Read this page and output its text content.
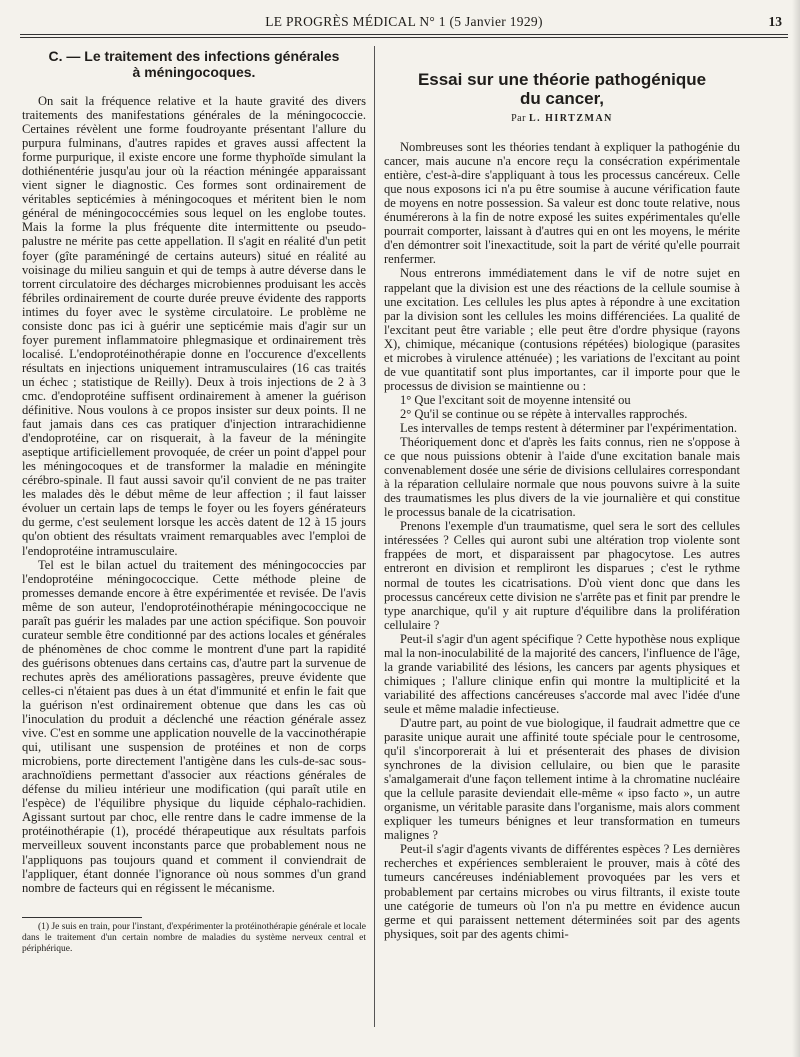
LE PROGRÈS MÉDICAL N° 1 (5 Janvier 1929)	13
C. — Le traitement des infections générales
à méningocoques.

On sait la fréquence relative et la haute gravité des divers traitements des manifestations générales de la méningococcie. Certaines révèlent une forme foudroyante présentant l'allure du purpura fulminans, d'autres rapides et graves aussi affectent la forme purpurique, il existe encore une forme thyphoïde simulant la dothiénentérie jusqu'au jour où la réaction méningée apparaissant vient signer le diagnostic. Ces formes sont ordinairement de véritables septicémies à méningocoques et méritent bien le nom général de méningococcémies sous lequel on les englobe toutes. Mais la forme la plus fréquente dite intermittente ou pseudo-palustre ne mérite pas cette appellation. Il s'agit en réalité d'un petit foyer (gîte paraméningé de certains auteurs) situé en réalité au voisinage du milieu sanguin et qui de temps à autre déverse dans le torrent circulatoire des décharges microbiennes produisant les accès fébriles ordinairement de courte durée preuve évidente des rapports intimes du foyer avec le système circulatoire. Le problème ne consiste donc pas ici à guérir une septicémie mais d'agir sur un foyer purement inflammatoire phlegmasique et ordinairement très localisé. L'endoprotéinothérapie donne en l'occurence d'excellents résultats en injections uniquement intramusculaires (16 cas traités un échec ; statistique de Reilly). Deux à trois injections de 2 à 3 cmc. d'endoprotéine suffisent ordinairement à amener la guérison définitive. Nous voulons à ce propos insister sur deux points. Il ne faut jamais dans ces cas pratiquer d'injection intrarachidienne d'endoprotéine, car on risquerait, à la faveur de la méningite aseptique artificiellement provoquée, de créer un point d'appel pour les méningocoques et de transformer la maladie en méningite cérébro-spinale. Il faut aussi savoir qu'il convient de ne pas traiter les malades dès le début même de leur affection ; il faut laisser évoluer un certain laps de temps le foyer ou les foyers générateurs du germe, c'est seulement lorsque les accès datent de 12 à 15 jours qu'on obtient des résultats vraiment remarquables avec l'emploi de l'endoprotéine intramusculaire.

Tel est le bilan actuel du traitement des méningococcies par l'endoprotéine méningococcique. Cette méthode pleine de promesses demande encore à être expérimentée et revisée. De l'avis même de son auteur, l'endoprotéinothérapie méningococcique ne paraît pas guérir les malades par une action spécifique. Son pouvoir curateur semble être conditionné par des actions locales et générales de phénomènes de choc comme le montrent d'une part la rapidité des guérisons obtenues dans certains cas, d'autre part la survenue de rechutes après des améliorations passagères, preuve évidente que celles-ci n'étaient pas dues à un état d'immunité et enfin le fait que la guérison n'est ordinairement obtenue que dans les cas où l'inoculation du produit a déclenché une réaction générale assez vive. C'est en somme une application nouvelle de la vaccinothérapie qui, utilisant une suspension de protéines et non de corps microbiens, porte directement l'antigène dans les culs-de-sac sous-arachnoïdiens permettant d'associer aux réactions générales de défense du milieu intérieur une modification (qui paraît utile en l'espèce) de l'équilibre physique du liquide céphalo-rachidien. Agissant surtout par choc, elle rentre dans le cadre immense de la protéinothérapie (1), procédé thérapeutique aux résultats parfois merveilleux souvent inconstants parce que probablement nous ne l'appliquons pas toujours quand et comment il conviendrait de l'appliquer, étant donnée l'ignorance où nous sommes d'un grand nombre de facteurs qui en régissent le mécanisme.

(1) Je suis en train, pour l'instant, d'expérimenter la protéinothérapie générale et locale dans le traitement d'un certain nombre de maladies du système nerveux central et périphérique.

Essai sur une théorie pathogénique
du cancer,
Par L. HIRTZMAN

Nombreuses sont les théories tendant à expliquer la pathogénie du cancer, mais aucune n'a encore reçu la consécration expérimentale entière, c'est-à-dire s'appliquant à tous les processus cancéreux. Celle que nous exposons ici n'a pu être soumise à aucune vérification faute de moyens en notre possession. Sa valeur est donc toute relative, nous énumérerons à la fin de notre exposé les suites expérimentales qu'elle pourrait comporter, laissant à d'autres qui en ont les moyens, le mérite d'en démontrer soit l'inexactitude, soit la part de vérité qu'elle pourrait renfermer.

Nous entrerons immédiatement dans le vif de notre sujet en rappelant que la division est une des réactions de la cellule soumise à une excitation. Les cellules les plus aptes à répondre à une excitation par la division sont les cellules les moins différenciées. La qualité de l'excitant peut être variable ; elle peut être d'ordre physique (rayons X), chimique, mécanique (contusions répétées) biologique (parasites et microbes à virulence atténuée) ; les variations de l'excitant au point de vue quantitatif sont plus importantes, car il importe pour que le processus de division se maintienne ou :

1° Que l'excitant soit de moyenne intensité ou

2° Qu'il se continue ou se répète à intervalles rapprochés.

Les intervalles de temps restent à déterminer par l'expérimentation.

Théoriquement donc et d'après les faits connus, rien ne s'oppose à ce que nous puissions obtenir à l'aide d'une excitation banale mais convenablement dosée une série de divisions cellulaires correspondant à la réparation cellulaire normale que nous pouvons suivre à la suite des traumatismes les plus divers de la vie journalière et qui constitue le processus banale de la cicatrisation.

Prenons l'exemple d'un traumatisme, quel sera le sort des cellules intéressées ? Celles qui auront subi une altération trop violente sont frappées de mort, et disparaissent par phagocytose. Les autres entreront en division et rempliront les disparues ; c'est le rythme normal de toutes les cicatrisations. D'où vient donc que dans les processus cancéreux cette division ne s'arrête pas et finit par prendre le type anarchique, qu'il y ait rupture d'équilibre dans la prolifération cellulaire ?

Peut-il s'agir d'un agent spécifique ? Cette hypothèse nous explique mal la non-inoculabilité de la majorité des cancers, l'influence de l'âge, la grande variabilité des lésions, les cancers par agents physiques et chimiques ; l'allure clinique enfin qui montre la multiplicité et la variabilité des affections cancéreuses s'accorde mal avec l'idée d'une seule et même maladie infectieuse.

D'autre part, au point de vue biologique, il faudrait admettre que ce parasite unique aurait une affinité toute spéciale pour le centrosome, qu'il s'incorporerait à lui et présenterait des phases de division synchrones de la division cellulaire, ou bien que le parasite s'amalgamerait d'une façon tellement intime à la chromatine nucléaire que la cellule parasite deviendait elle-même « ipso facto », un autre organisme, un véritable parasite dans l'organisme, mais alors comment expliquer les tumeurs bénignes et leur transformation en tumeurs malignes ?

Peut-il s'agir d'agents vivants de différentes espèces ? Les dernières recherches et expériences sembleraient le prouver, mais à côté des tumeurs cancéreuses indéniablement provoquées par les vers et probablement par certains microbes ou virus filtrants, il existe toute une catégorie de tumeurs où l'on n'a pu mettre en évidence aucun germe et qui paraissent nettement déterminées soit par des agents physiques, soit par des agents chimi-
